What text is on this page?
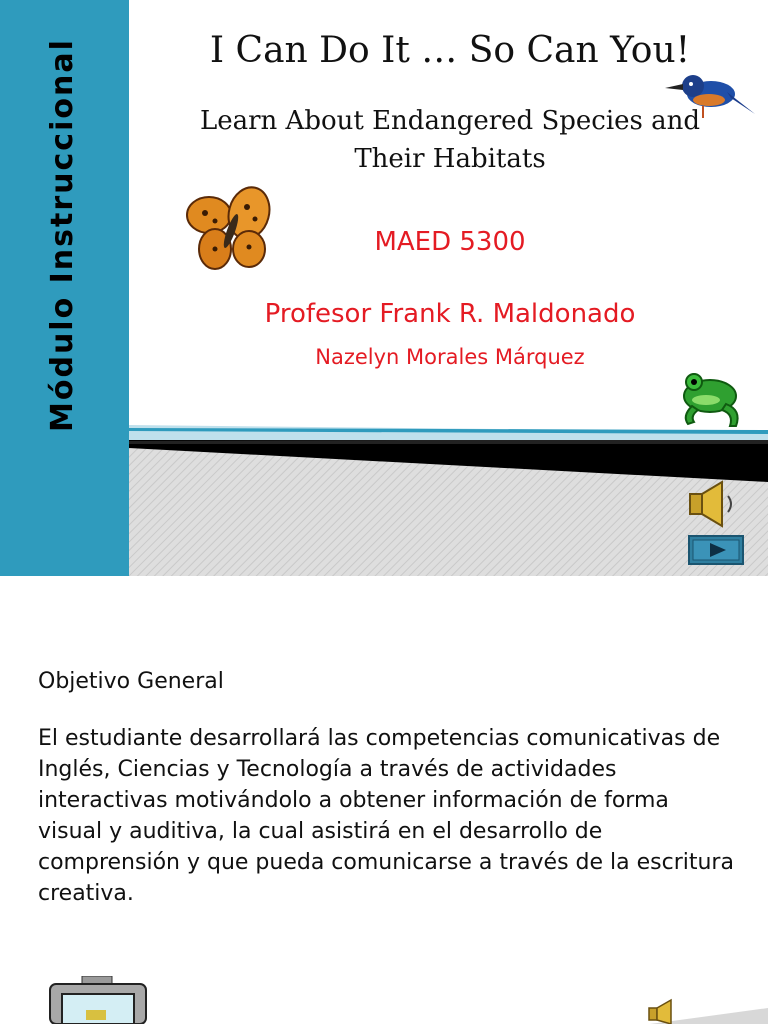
Módulo Instruccional	I Can Do It … So Can You!
Learn About Endangered Species and Their Habitats
MAED 5300
Profesor Frank R. Maldonado
Nazelyn Morales Márquez
Objetivo General
El estudiante desarrollará las competencias comunicativas de Inglés, Ciencias y Tecnología a través de actividades interactivas motivándolo a obtener información de forma visual y auditiva, la cual asistirá en el desarrollo de comprensión y que pueda comunicarse a través de la escritura creativa.
